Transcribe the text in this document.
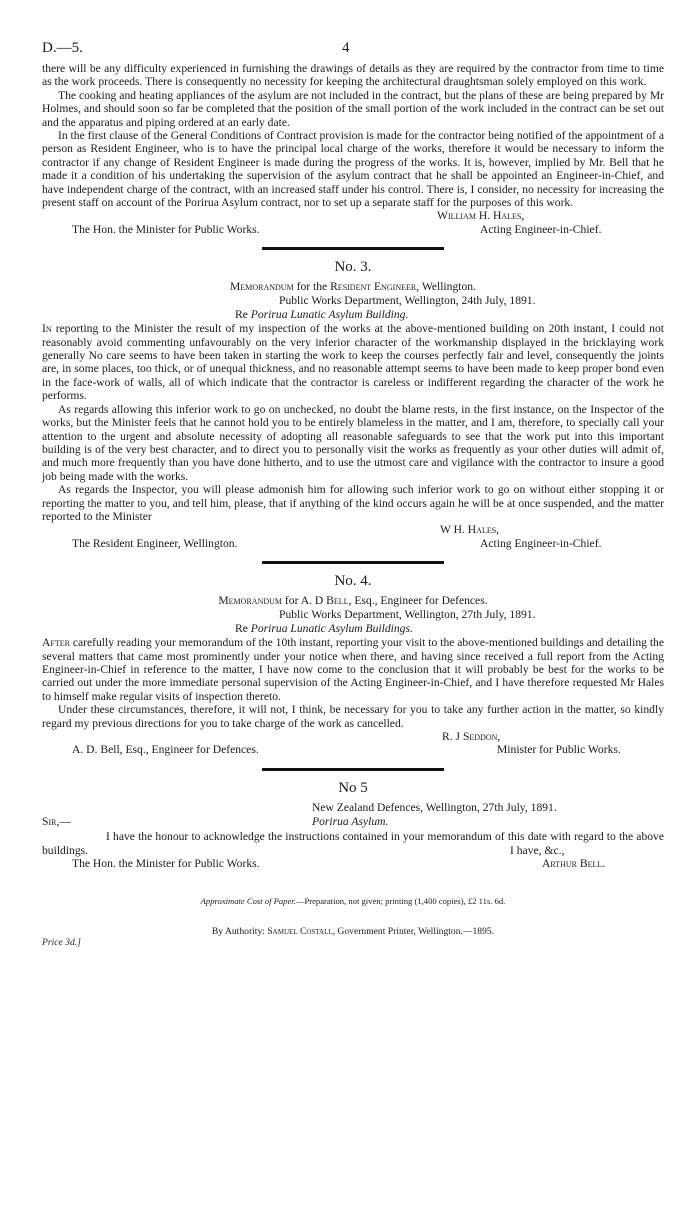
D.—5.	4

there will be any difficulty experienced in furnishing the drawings of details as they are required by the contractor from time to time as the work proceeds. There is consequently no necessity for keeping the architectural draughtsman solely employed on this work.

The cooking and heating appliances of the asylum are not included in the contract, but the plans of these are being prepared by Mr Holmes, and should soon so far be completed that the position of the small portion of the work included in the contract can be set out and the apparatus and piping ordered at an early date.

In the first clause of the General Conditions of Contract provision is made for the contractor being notified of the appointment of a person as Resident Engineer, who is to have the principal local charge of the works, therefore it would be necessary to inform the contractor if any change of Resident Engineer is made during the progress of the works. It is, however, implied by Mr. Bell that he made it a condition of his undertaking the supervision of the asylum contract that he shall be appointed an Engineer-in-Chief, and have independent charge of the contract, with an increased staff under his control. There is, I consider, no necessity for increasing the present staff on account of the Porirua Asylum contract, nor to set up a separate staff for the purposes of this work.

William H. Hales,
The Hon. the Minister for Public Works.	Acting Engineer-in-Chief.
No. 3.
Memorandum for the Resident Engineer, Wellington.
Public Works Department, Wellington, 24th July, 1891.
Re Porirua Lunatic Asylum Building.

In reporting to the Minister the result of my inspection of the works at the above-mentioned building on 20th instant, I could not reasonably avoid commenting unfavourably on the very inferior character of the workmanship displayed in the bricklaying work generally No care seems to have been taken in starting the work to keep the courses perfectly fair and level, consequently the joints are, in some places, too thick, or of unequal thickness, and no reasonable attempt seems to have been made to keep proper bond even in the face-work of walls, all of which indicate that the contractor is careless or indifferent regarding the character of the work he performs.

As regards allowing this inferior work to go on unchecked, no doubt the blame rests, in the first instance, on the Inspector of the works, but the Minister feels that he cannot hold you to be entirely blameless in the matter, and I am, therefore, to specially call your attention to the urgent and absolute necessity of adopting all reasonable safeguards to see that the work put into this important building is of the very best character, and to direct you to personally visit the works as frequently as your other duties will admit of, and much more frequently than you have done hitherto, and to use the utmost care and vigilance with the contractor to insure a good job being made with the works.

As regards the Inspector, you will please admonish him for allowing such inferior work to go on without either stopping it or reporting the matter to you, and tell him, please, that if anything of the kind occurs again he will be at once suspended, and the matter reported to the Minister

W H. Hales,
The Resident Engineer, Wellington.	Acting Engineer-in-Chief.
No. 4.
Memorandum for A. D Bell, Esq., Engineer for Defences.
Public Works Department, Wellington, 27th July, 1891.
Re Porirua Lunatic Asylum Buildings.

After carefully reading your memorandum of the 10th instant, reporting your visit to the above-mentioned buildings and detailing the several matters that came most prominently under your notice when there, and having since received a full report from the Acting Engineer-in-Chief in reference to the matter, I have now come to the conclusion that it will probably be best for the works to be carried out under the more immediate personal supervision of the Acting Engineer-in-Chief, and I have therefore requested Mr Hales to himself make regular visits of inspection thereto.

Under these circumstances, therefore, it will not, I think, be necessary for you to take any further action in the matter, so kindly regard my previous directions for you to take charge of the work as cancelled.

R. J Seddon,
A. D. Bell, Esq., Engineer for Defences.	Minister for Public Works.
No 5
New Zealand Defences, Wellington, 27th July, 1891.
Sir,—	Porirua Asylum.

I have the honour to acknowledge the instructions contained in your memorandum of this date with regard to the above buildings.	I have, &c.,
The Hon. the Minister for Public Works.	Arthur Bell.
Approximate Cost of Paper.—Preparation, not given; printing (1,400 copies), £2 11s. 6d.
By Authority: Samuel Costall, Government Printer, Wellington.—1895.
Price 3d.]
